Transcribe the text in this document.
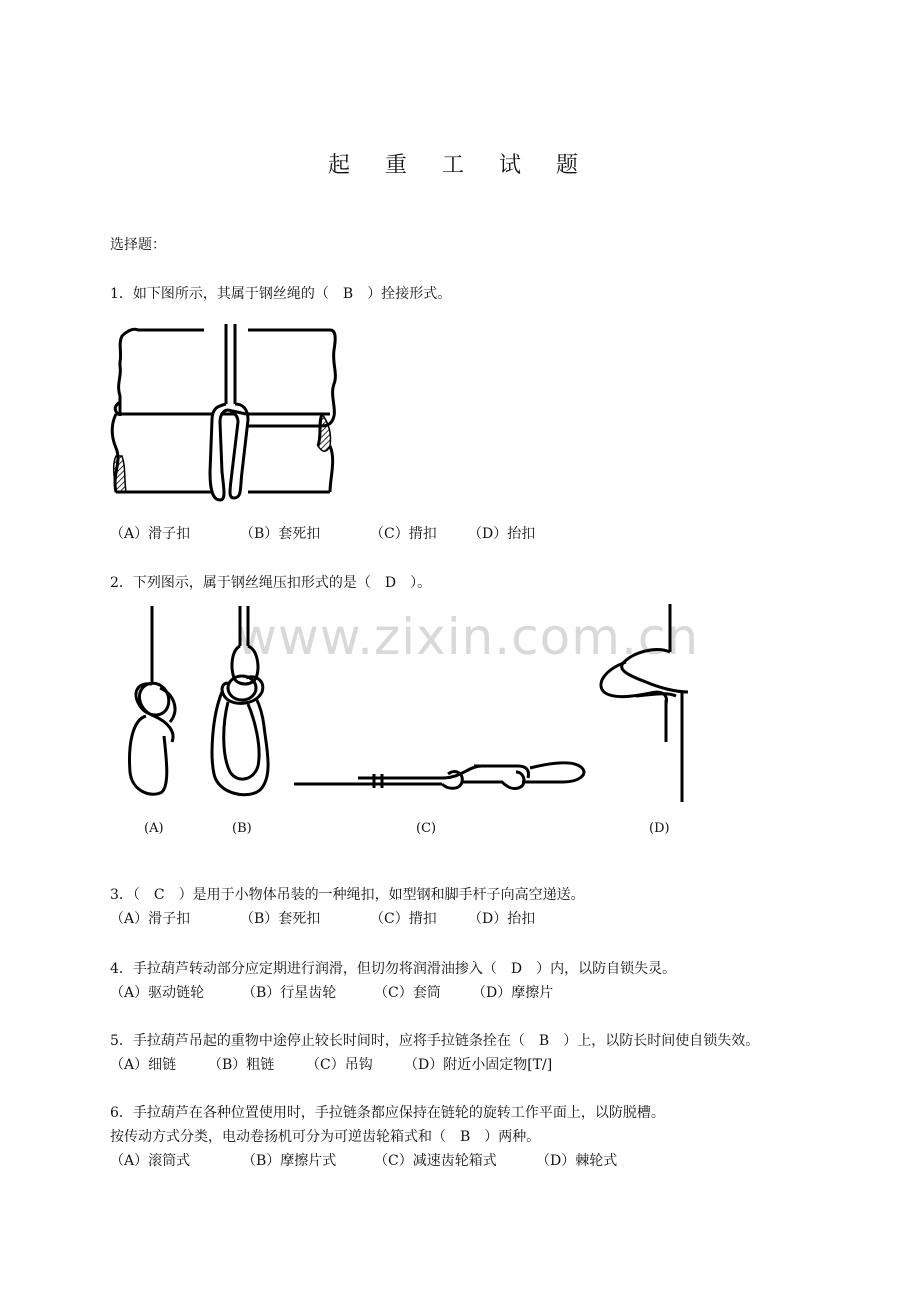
起 重 工 试 题
选择题：
1．如下图所示，其属于钢丝绳的（　B　）拴接形式。
（A）滑子扣	（B）套死扣	（C）揹扣 （D）抬扣
2．下列图示，属于钢丝绳压扣形式的是（　D　）。
www.zixin.com.cn
(A)	(B)	(C)	(D)
3．（　C　）是用于小物体吊装的一种绳扣，如型钢和脚手杆子向高空递送。
（A）滑子扣	（B）套死扣	（C）揹扣 （D）抬扣
4．手拉葫芦转动部分应定期进行润滑，但切勿将润滑油掺入（　D　）内，以防自锁失灵。
（A）驱动链轮	（B）行星齿轮	（C）套筒 （D）摩擦片
5．手拉葫芦吊起的重物中途停止较长时间时，应将手拉链条拴在（　B　）上，以防长时间使自锁失效。
（A）细链 （B）粗链 （C）吊钩 （D）附近小固定物[T/]
6．手拉葫芦在各种位置使用时，手拉链条都应保持在链轮的旋转工作平面上，以防脱槽。
按传动方式分类，电动卷扬机可分为可逆齿轮箱式和（　B　）两种。
（A）滚筒式	（B）摩擦片式	（C）减速齿轮箱式	（D）棘轮式
